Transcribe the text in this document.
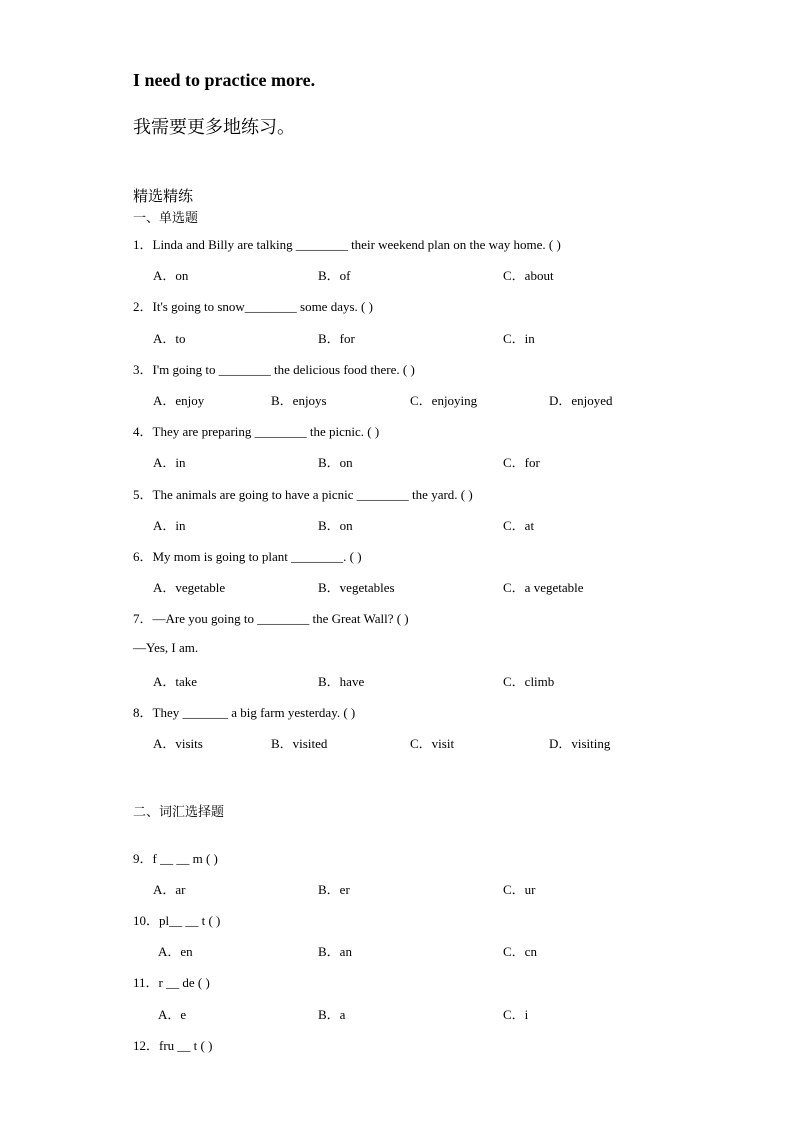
I need to practice more.
我需要更多地练习。
精选精练
一、单选题
1．Linda and Billy are talking ________ their weekend plan on the way home. ( )
A．on	B．of	C．about
2．It's going to snow________ some days. ( )
A．to	B．for	C．in
3．I'm going to ________ the delicious food there. ( )
A．enjoy	B．enjoys	C．enjoying	D．enjoyed
4．They are preparing ________ the picnic. ( )
A．in	B．on	C．for
5．The animals are going to have a picnic ________ the yard. ( )
A．in	B．on	C．at
6．My mom is going to plant ________. ( )
A．vegetable	B．vegetables	C．a vegetable
7．—Are you going to ________ the Great Wall? ( )
—Yes, I am.
A．take	B．have	C．climb
8．They _______ a big farm yesterday. ( )
A．visits	B．visited	C．visit	D．visiting
二、词汇选择题
9．f __ __ m ( )
A．ar	B．er	C．ur
10．pl__ __ t ( )
A．en	B．an	C．cn
11．r __ de ( )
A．e	B．a	C．i
12．fru __ t ( )
